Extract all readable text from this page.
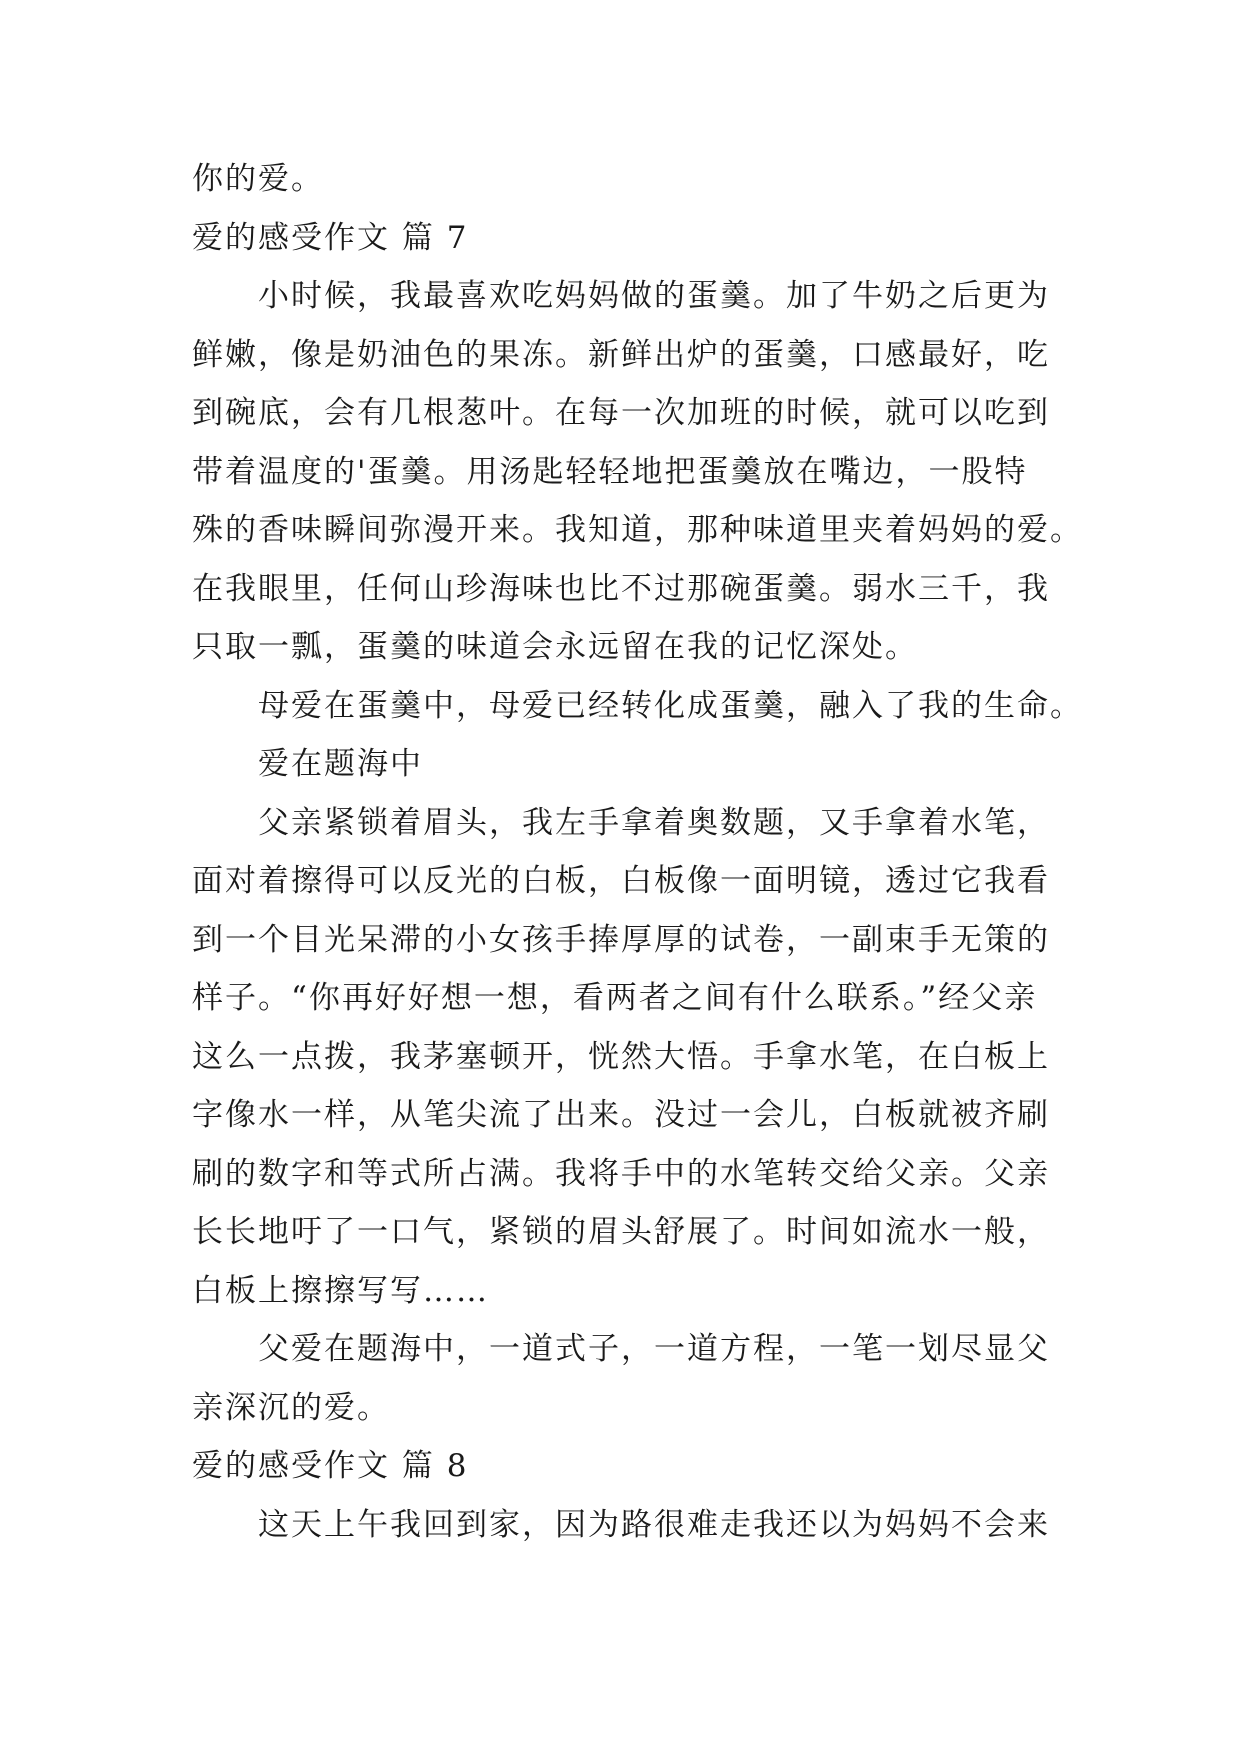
你的爱。
爱的感受作文 篇 7
小时候，我最喜欢吃妈妈做的蛋羹。加了牛奶之后更为
鲜嫩，像是奶油色的果冻。新鲜出炉的蛋羹，口感最好，吃
到碗底，会有几根葱叶。在每一次加班的时候，就可以吃到
带着温度的'蛋羹。用汤匙轻轻地把蛋羹放在嘴边，一股特
殊的香味瞬间弥漫开来。我知道，那种味道里夹着妈妈的爱。
在我眼里，任何山珍海味也比不过那碗蛋羹。弱水三千，我
只取一瓢，蛋羹的味道会永远留在我的记忆深处。
母爱在蛋羹中，母爱已经转化成蛋羹，融入了我的生命。
爱在题海中
父亲紧锁着眉头，我左手拿着奥数题，又手拿着水笔，
面对着擦得可以反光的白板，白板像一面明镜，透过它我看
到一个目光呆滞的小女孩手捧厚厚的试卷，一副束手无策的
样子。“你再好好想一想，看两者之间有什么联系。”经父亲
这么一点拨，我茅塞顿开，恍然大悟。手拿水笔，在白板上
字像水一样，从笔尖流了出来。没过一会儿，白板就被齐刷
刷的数字和等式所占满。我将手中的水笔转交给父亲。父亲
长长地吁了一口气，紧锁的眉头舒展了。时间如流水一般，
白板上擦擦写写……
父爱在题海中，一道式子，一道方程，一笔一划尽显父
亲深沉的爱。
爱的感受作文 篇 8
这天上午我回到家，因为路很难走我还以为妈妈不会来
